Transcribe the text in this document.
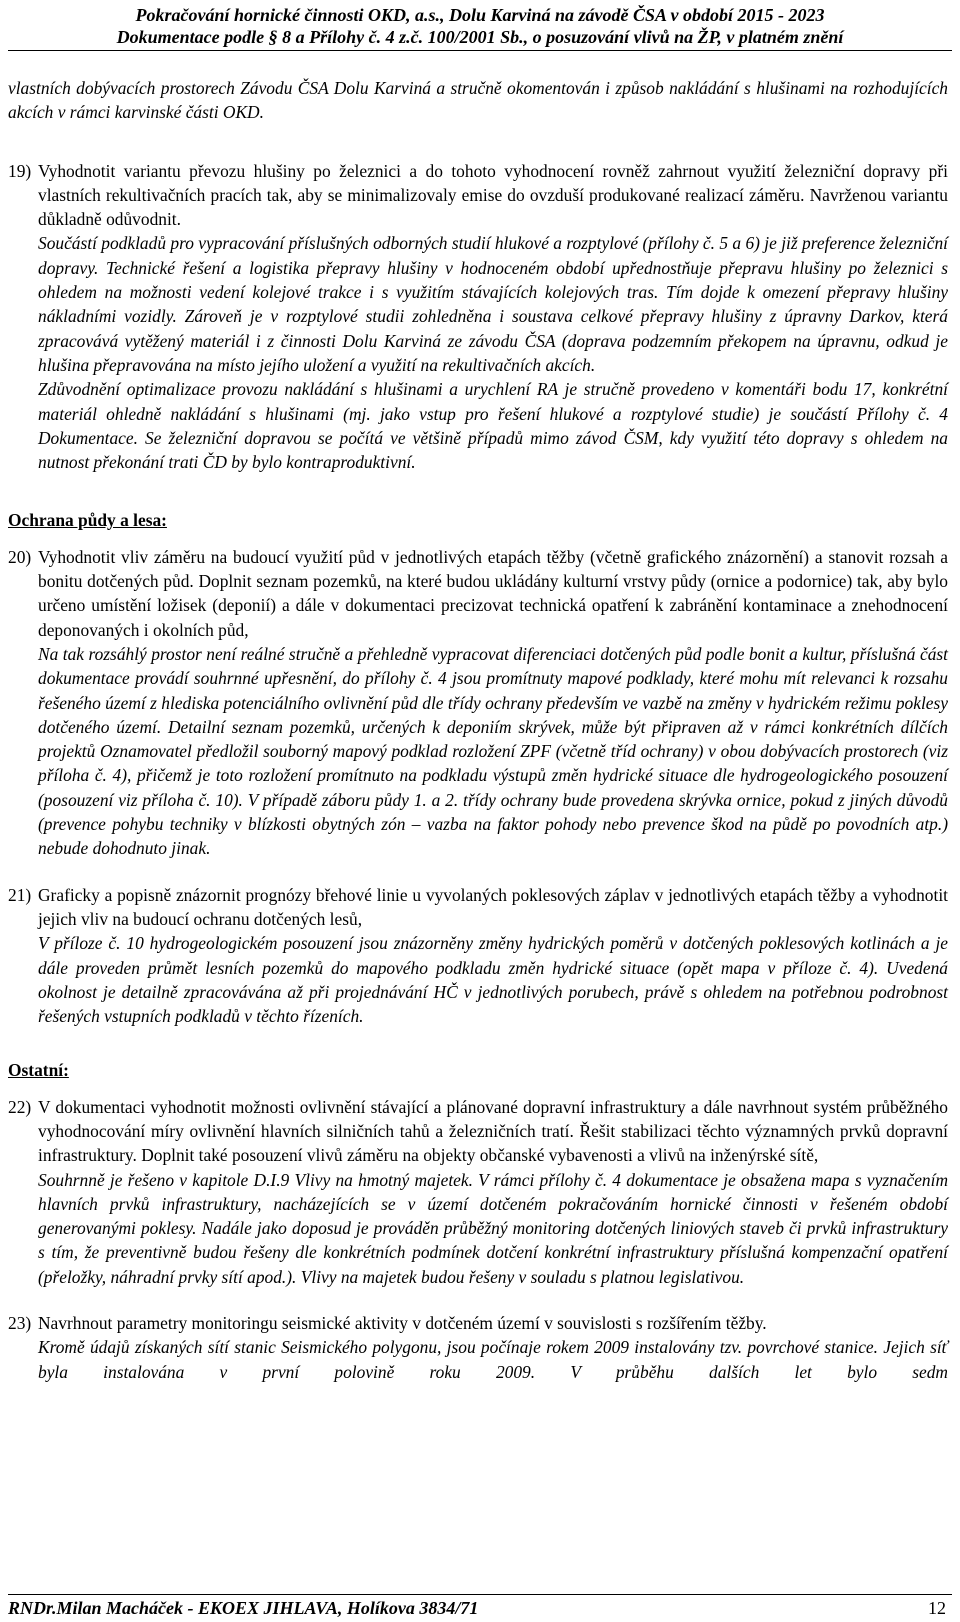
Pokračování hornické činnosti OKD, a.s., Dolu Karviná na závodě ČSA v období 2015 - 2023
Dokumentace podle § 8 a Přílohy č. 4 z.č. 100/2001 Sb., o posuzování vlivů na ŽP, v platném znění

vlastních dobývacích prostorech Závodu ČSA Dolu Karviná a stručně okomentován i způsob nakládání s hlušinami na rozhodujících akcích v rámci karvinské části OKD.

19) Vyhodnotit variantu převozu hlušiny po železnici a do tohoto vyhodnocení rovněž zahrnout využití železniční dopravy při vlastních rekultivačních pracích tak, aby se minimalizovaly emise do ovzduší produkované realizací záměru. Navrženou variantu důkladně odůvodnit.

Součástí podkladů pro vypracování příslušných odborných studií hlukové a rozptylové (přílohy č. 5 a 6) je již preference železniční dopravy. Technické řešení a logistika přepravy hlušiny v hodnoceném období upřednostňuje přepravu hlušiny po železnici s ohledem na možnosti vedení kolejové trakce i s využitím stávajících kolejových tras. Tím dojde k omezení přepravy hlušiny nákladními vozidly. Zároveň je v rozptylové studii zohledněna i soustava celkové přepravy hlušiny z úpravny Darkov, která zpracovává vytěžený materiál i z činnosti Dolu Karviná ze závodu ČSA (doprava podzemním překopem na úpravnu, odkud je hlušina přepravována na místo jejího uložení a využití na rekultivačních akcích.

Zdůvodnění optimalizace provozu nakládání s hlušinami a urychlení RA je stručně provedeno v komentáři bodu 17, konkrétní materiál ohledně nakládání s hlušinami (mj. jako vstup pro řešení hlukové a rozptylové studie) je součástí Přílohy č. 4 Dokumentace. Se železniční dopravou se počítá ve většině případů mimo závod ČSM, kdy využití této dopravy s ohledem na nutnost překonání trati ČD by bylo kontraproduktivní.

Ochrana půdy a lesa:

20) Vyhodnotit vliv záměru na budoucí využití půd v jednotlivých etapách těžby (včetně grafického znázornění) a stanovit rozsah a bonitu dotčených půd. Doplnit seznam pozemků, na které budou ukládány kulturní vrstvy půdy (ornice a podornice) tak, aby bylo určeno umístění ložisek (deponií) a dále v dokumentaci precizovat technická opatření k zabránění kontaminace a znehodnocení deponovaných i okolních půd,

Na tak rozsáhlý prostor není reálné stručně a přehledně vypracovat diferenciaci dotčených půd podle bonit a kultur, příslušná část dokumentace provádí souhrnné upřesnění, do přílohy č. 4 jsou promítnuty mapové podklady, které mohu mít relevanci k rozsahu řešeného území z hlediska potenciálního ovlivnění půd dle třídy ochrany především ve vazbě na změny v hydrickém režimu poklesy dotčeného území. Detailní seznam pozemků, určených k deponiím skrývek, může být připraven až v rámci konkrétních dílčích projektů Oznamovatel předložil souborný mapový podklad rozložení ZPF (včetně tříd ochrany) v obou dobývacích prostorech (viz příloha č. 4), přičemž je toto rozložení promítnuto na podkladu výstupů změn hydrické situace dle hydrogeologického posouzení (posouzení viz příloha č. 10). V případě záboru půdy 1. a 2. třídy ochrany bude provedena skrývka ornice, pokud z jiných důvodů (prevence pohybu techniky v blízkosti obytných zón – vazba na faktor pohody nebo prevence škod na půdě po povodních atp.) nebude dohodnuto jinak.

21) Graficky a popisně znázornit prognózy břehové linie u vyvolaných poklesových záplav v jednotlivých etapách těžby a vyhodnotit jejich vliv na budoucí ochranu dotčených lesů,

V příloze č. 10 hydrogeologickém posouzení jsou znázorněny změny hydrických poměrů v dotčených poklesových kotlinách a je dále proveden průmět lesních pozemků do mapového podkladu změn hydrické situace (opět mapa v příloze č. 4). Uvedená okolnost je detailně zpracovávána až při projednávání HČ v jednotlivých porubech, právě s ohledem na potřebnou podrobnost řešených vstupních podkladů v těchto řízeních.

Ostatní:

22) V dokumentaci vyhodnotit možnosti ovlivnění stávající a plánované dopravní infrastruktury a dále navrhnout systém průběžného vyhodnocování míry ovlivnění hlavních silničních tahů a železničních tratí. Řešit stabilizaci těchto významných prvků dopravní infrastruktury. Doplnit také posouzení vlivů záměru na objekty občanské vybavenosti a vlivů na inženýrské sítě,

Souhrnně je řešeno v kapitole D.I.9 Vlivy na hmotný majetek. V rámci přílohy č. 4 dokumentace je obsažena mapa s vyznačením hlavních prvků infrastruktury, nacházejících se v území dotčeném pokračováním hornické činnosti v řešeném období generovanými poklesy. Nadále jako doposud je prováděn průběžný monitoring dotčených liniových staveb či prvků infrastruktury s tím, že preventivně budou řešeny dle konkrétních podmínek dotčení konkrétní infrastruktury příslušná kompenzační opatření (přeložky, náhradní prvky sítí apod.). Vlivy na majetek budou řešeny v souladu s platnou legislativou.

23) Navrhnout parametry monitoringu seismické aktivity v dotčeném území v souvislosti s rozšířením těžby.

Kromě údajů získaných sítí stanic Seismického polygonu, jsou počínaje rokem 2009 instalovány tzv. povrchové stanice. Jejich síť byla instalována v první polovině roku 2009. V průběhu dalších let bylo sedm

RNDr.Milan Macháček - EKOEX JIHLAVA, Holíkova 3834/71	12
